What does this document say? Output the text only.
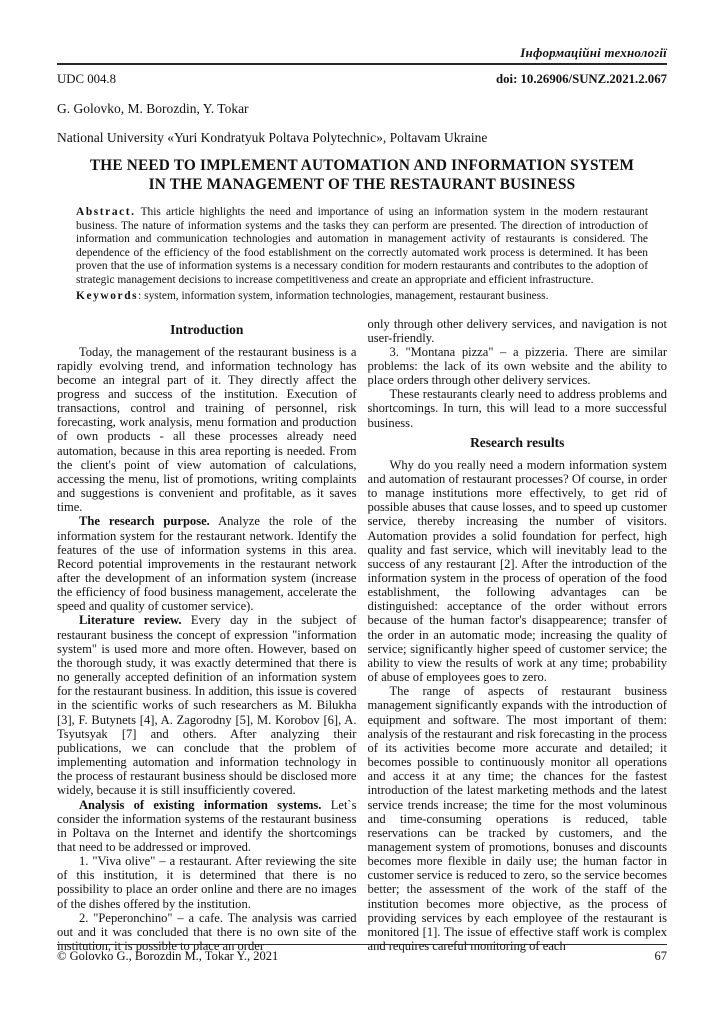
Інформаційні технології
UDC 004.8	doi: 10.26906/SUNZ.2021.2.067
G. Golovko, M. Borozdin, Y. Tokar
National University «Yuri Kondratyuk Poltava Polytechnic», Poltavam Ukraine
THE NEED TO IMPLEMENT AUTOMATION AND INFORMATION SYSTEM
IN THE MANAGEMENT OF THE RESTAURANT BUSINESS
Abstract. This article highlights the need and importance of using an information system in the modern restaurant business. The nature of information systems and the tasks they can perform are presented. The direction of introduction of information and communication technologies and automation in management activity of restaurants is considered. The dependence of the efficiency of the food establishment on the correctly automated work process is determined. It has been proven that the use of information systems is a necessary condition for modern restaurants and contributes to the adoption of strategic management decisions to increase competitiveness and create an appropriate and efficient infrastructure.
Keywords: system, information system, information technologies, management, restaurant business.
Introduction

Today, the management of the restaurant business is a rapidly evolving trend, and information technology has become an integral part of it. They directly affect the progress and success of the institution. Execution of transactions, control and training of personnel, risk forecasting, work analysis, menu formation and production of own products - all these processes already need automation, because in this area reporting is needed. From the client's point of view automation of calculations, accessing the menu, list of promotions, writing complaints and suggestions is convenient and profitable, as it saves time.

The research purpose. Analyze the role of the information system for the restaurant network. Identify the features of the use of information systems in this area. Record potential improvements in the restaurant network after the development of an information system (increase the efficiency of food business management, accelerate the speed and quality of customer service).

Literature review. Every day in the subject of restaurant business the concept of expression "information system" is used more and more often. However, based on the thorough study, it was exactly determined that there is no generally accepted definition of an information system for the restaurant business. In addition, this issue is covered in the scientific works of such researchers as M. Bilukha [3], F. Butynets [4], A. Zagorodny [5], M. Korobov [6], A. Tsyutsyak [7] and others. After analyzing their publications, we can conclude that the problem of implementing automation and information technology in the process of restaurant business should be disclosed more widely, because it is still insufficiently covered.

Analysis of existing information systems. Let`s consider the information systems of the restaurant business in Poltava on the Internet and identify the shortcomings that need to be addressed or improved.

1. "Viva olive" – a restaurant. After reviewing the site of this institution, it is determined that there is no possibility to place an order online and there are no images of the dishes offered by the institution.

2. "Peperonchino" – a cafe. The analysis was carried out and it was concluded that there is no own site of the institution, it is possible to place an order

only through other delivery services, and navigation is not user-friendly.

3. "Montana pizza" – a pizzeria. There are similar problems: the lack of its own website and the ability to place orders through other delivery services.

These restaurants clearly need to address problems and shortcomings. In turn, this will lead to a more successful business.

Research results

Why do you really need a modern information system and automation of restaurant processes? Of course, in order to manage institutions more effectively, to get rid of possible abuses that cause losses, and to speed up customer service, thereby increasing the number of visitors. Automation provides a solid foundation for perfect, high quality and fast service, which will inevitably lead to the success of any restaurant [2]. After the introduction of the information system in the process of operation of the food establishment, the following advantages can be distinguished: acceptance of the order without errors because of the human factor's disappearence; transfer of the order in an automatic mode; increasing the quality of service; significantly higher speed of customer service; the ability to view the results of work at any time; probability of abuse of employees goes to zero.

The range of aspects of restaurant business management significantly expands with the introduction of equipment and software. The most important of them: analysis of the restaurant and risk forecasting in the process of its activities become more accurate and detailed; it becomes possible to continuously monitor all operations and access it at any time; the chances for the fastest introduction of the latest marketing methods and the latest service trends increase; the time for the most voluminous and time-consuming operations is reduced, table reservations can be tracked by customers, and the management system of promotions, bonuses and discounts becomes more flexible in daily use; the human factor in customer service is reduced to zero, so the service becomes better; the assessment of the work of the staff of the institution becomes more objective, as the process of providing services by each employee of the restaurant is monitored [1]. The issue of effective staff work is complex and requires careful monitoring of each

© Golovko G., Borozdin M., Tokar Y., 2021	67
